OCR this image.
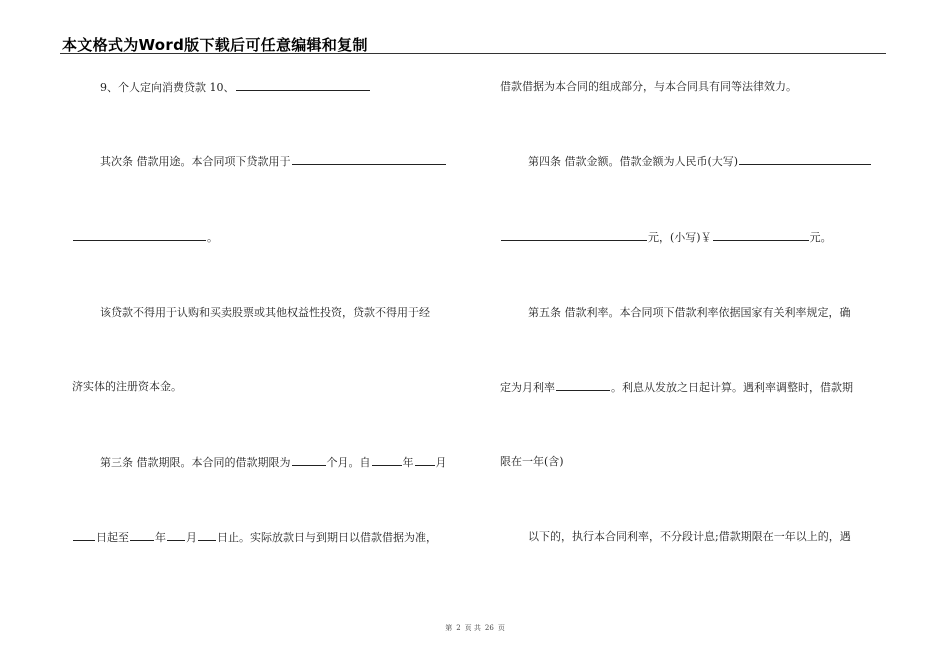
本文格式为Word版下载后可任意编辑和复制
9、个人定向消费贷款 10、
其次条 借款用途。本合同项下贷款用于
。
该贷款不得用于认购和买卖股票或其他权益性投资，贷款不得用于经
济实体的注册资本金。
第三条 借款期限。本合同的借款期限为	个月。自	年 月
日起至 年 月 日止。实际放款日与到期日以借款借据为准，
借款借据为本合同的组成部分，与本合同具有同等法律效力。
第四条 借款金额。借款金额为人民币(大写)
元，(小写)￥	元。
第五条 借款利率。本合同项下借款利率依据国家有关利率规定，确
定为月利率	。利息从发放之日起计算。遇利率调整时，借款期
限在一年(含)
以下的，执行本合同利率，不分段计息;借款期限在一年以上的，遇
第 2 页 共 26 页
